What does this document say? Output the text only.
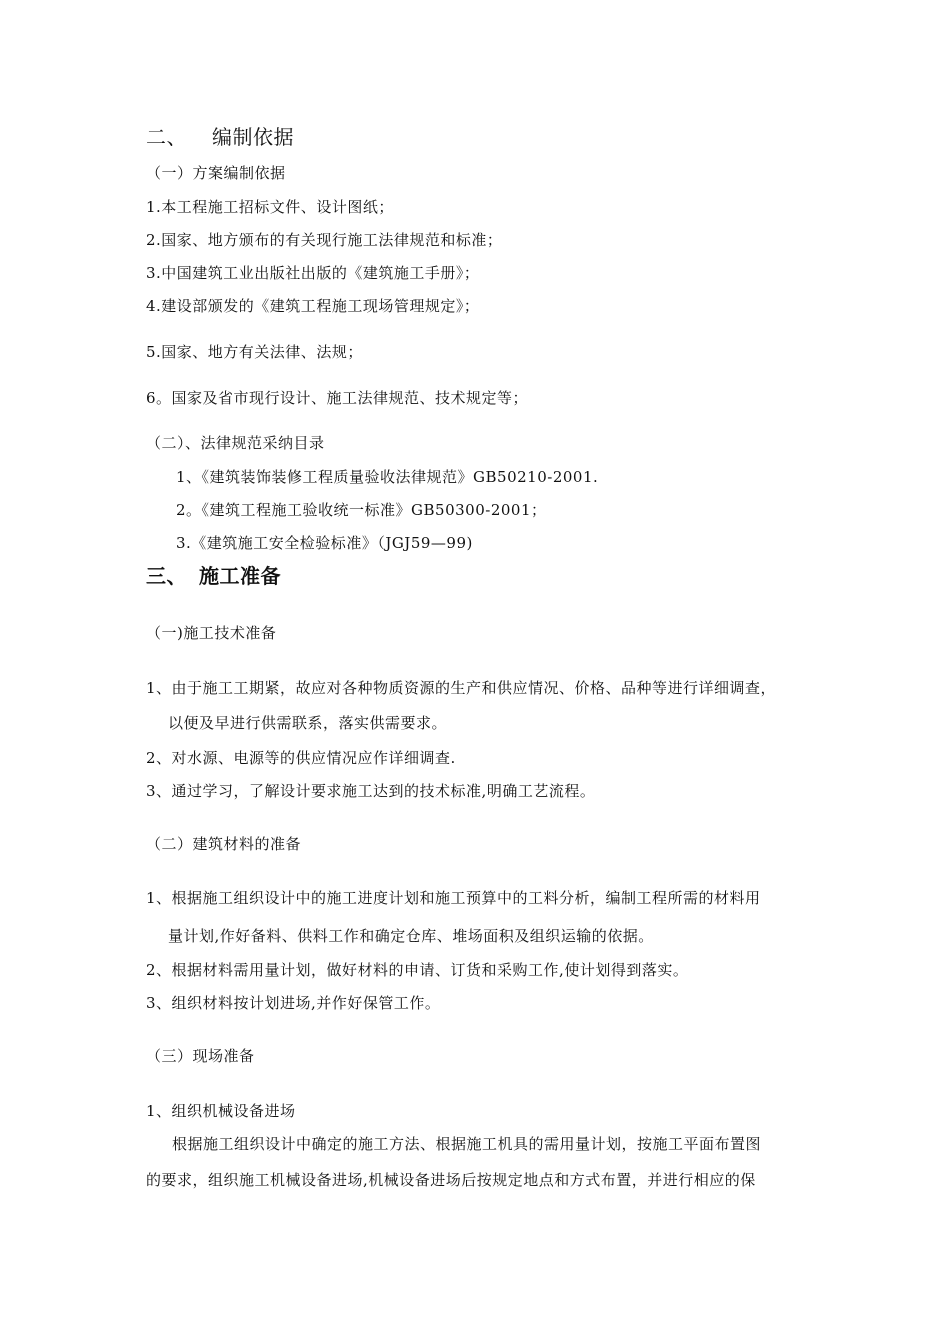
二、 编制依据
（一）方案编制依据
1.本工程施工招标文件、设计图纸；
2.国家、地方颁布的有关现行施工法律规范和标准；
3.中国建筑工业出版社出版的《建筑施工手册》；
4.建设部颁发的《建筑工程施工现场管理规定》；
5.国家、地方有关法律、法规；
6。国家及省市现行设计、施工法律规范、技术规定等；
（二）、法律规范采纳目录
1、《建筑装饰装修工程质量验收法律规范》GB50210-2001.
2。《建筑工程施工验收统一标准》GB50300-2001；
3.《建筑施工安全检验标准》（JGJ59—99)
三、 施工准备
（一)施工技术准备
1、由于施工工期紧，故应对各种物质资源的生产和供应情况、价格、品种等进行详细调查，
以便及早进行供需联系，落实供需要求。
2、对水源、电源等的供应情况应作详细调查.
3、通过学习，了解设计要求施工达到的技术标准,明确工艺流程。
（二）建筑材料的准备
1、根据施工组织设计中的施工进度计划和施工预算中的工料分析，编制工程所需的材料用
量计划,作好备料、供料工作和确定仓库、堆场面积及组织运输的依据。
2、根据材料需用量计划，做好材料的申请、订货和采购工作,使计划得到落实。
3、组织材料按计划进场,并作好保管工作。
（三）现场准备
1、组织机械设备进场
根据施工组织设计中确定的施工方法、根据施工机具的需用量计划，按施工平面布置图
的要求，组织施工机械设备进场,机械设备进场后按规定地点和方式布置，并进行相应的保
